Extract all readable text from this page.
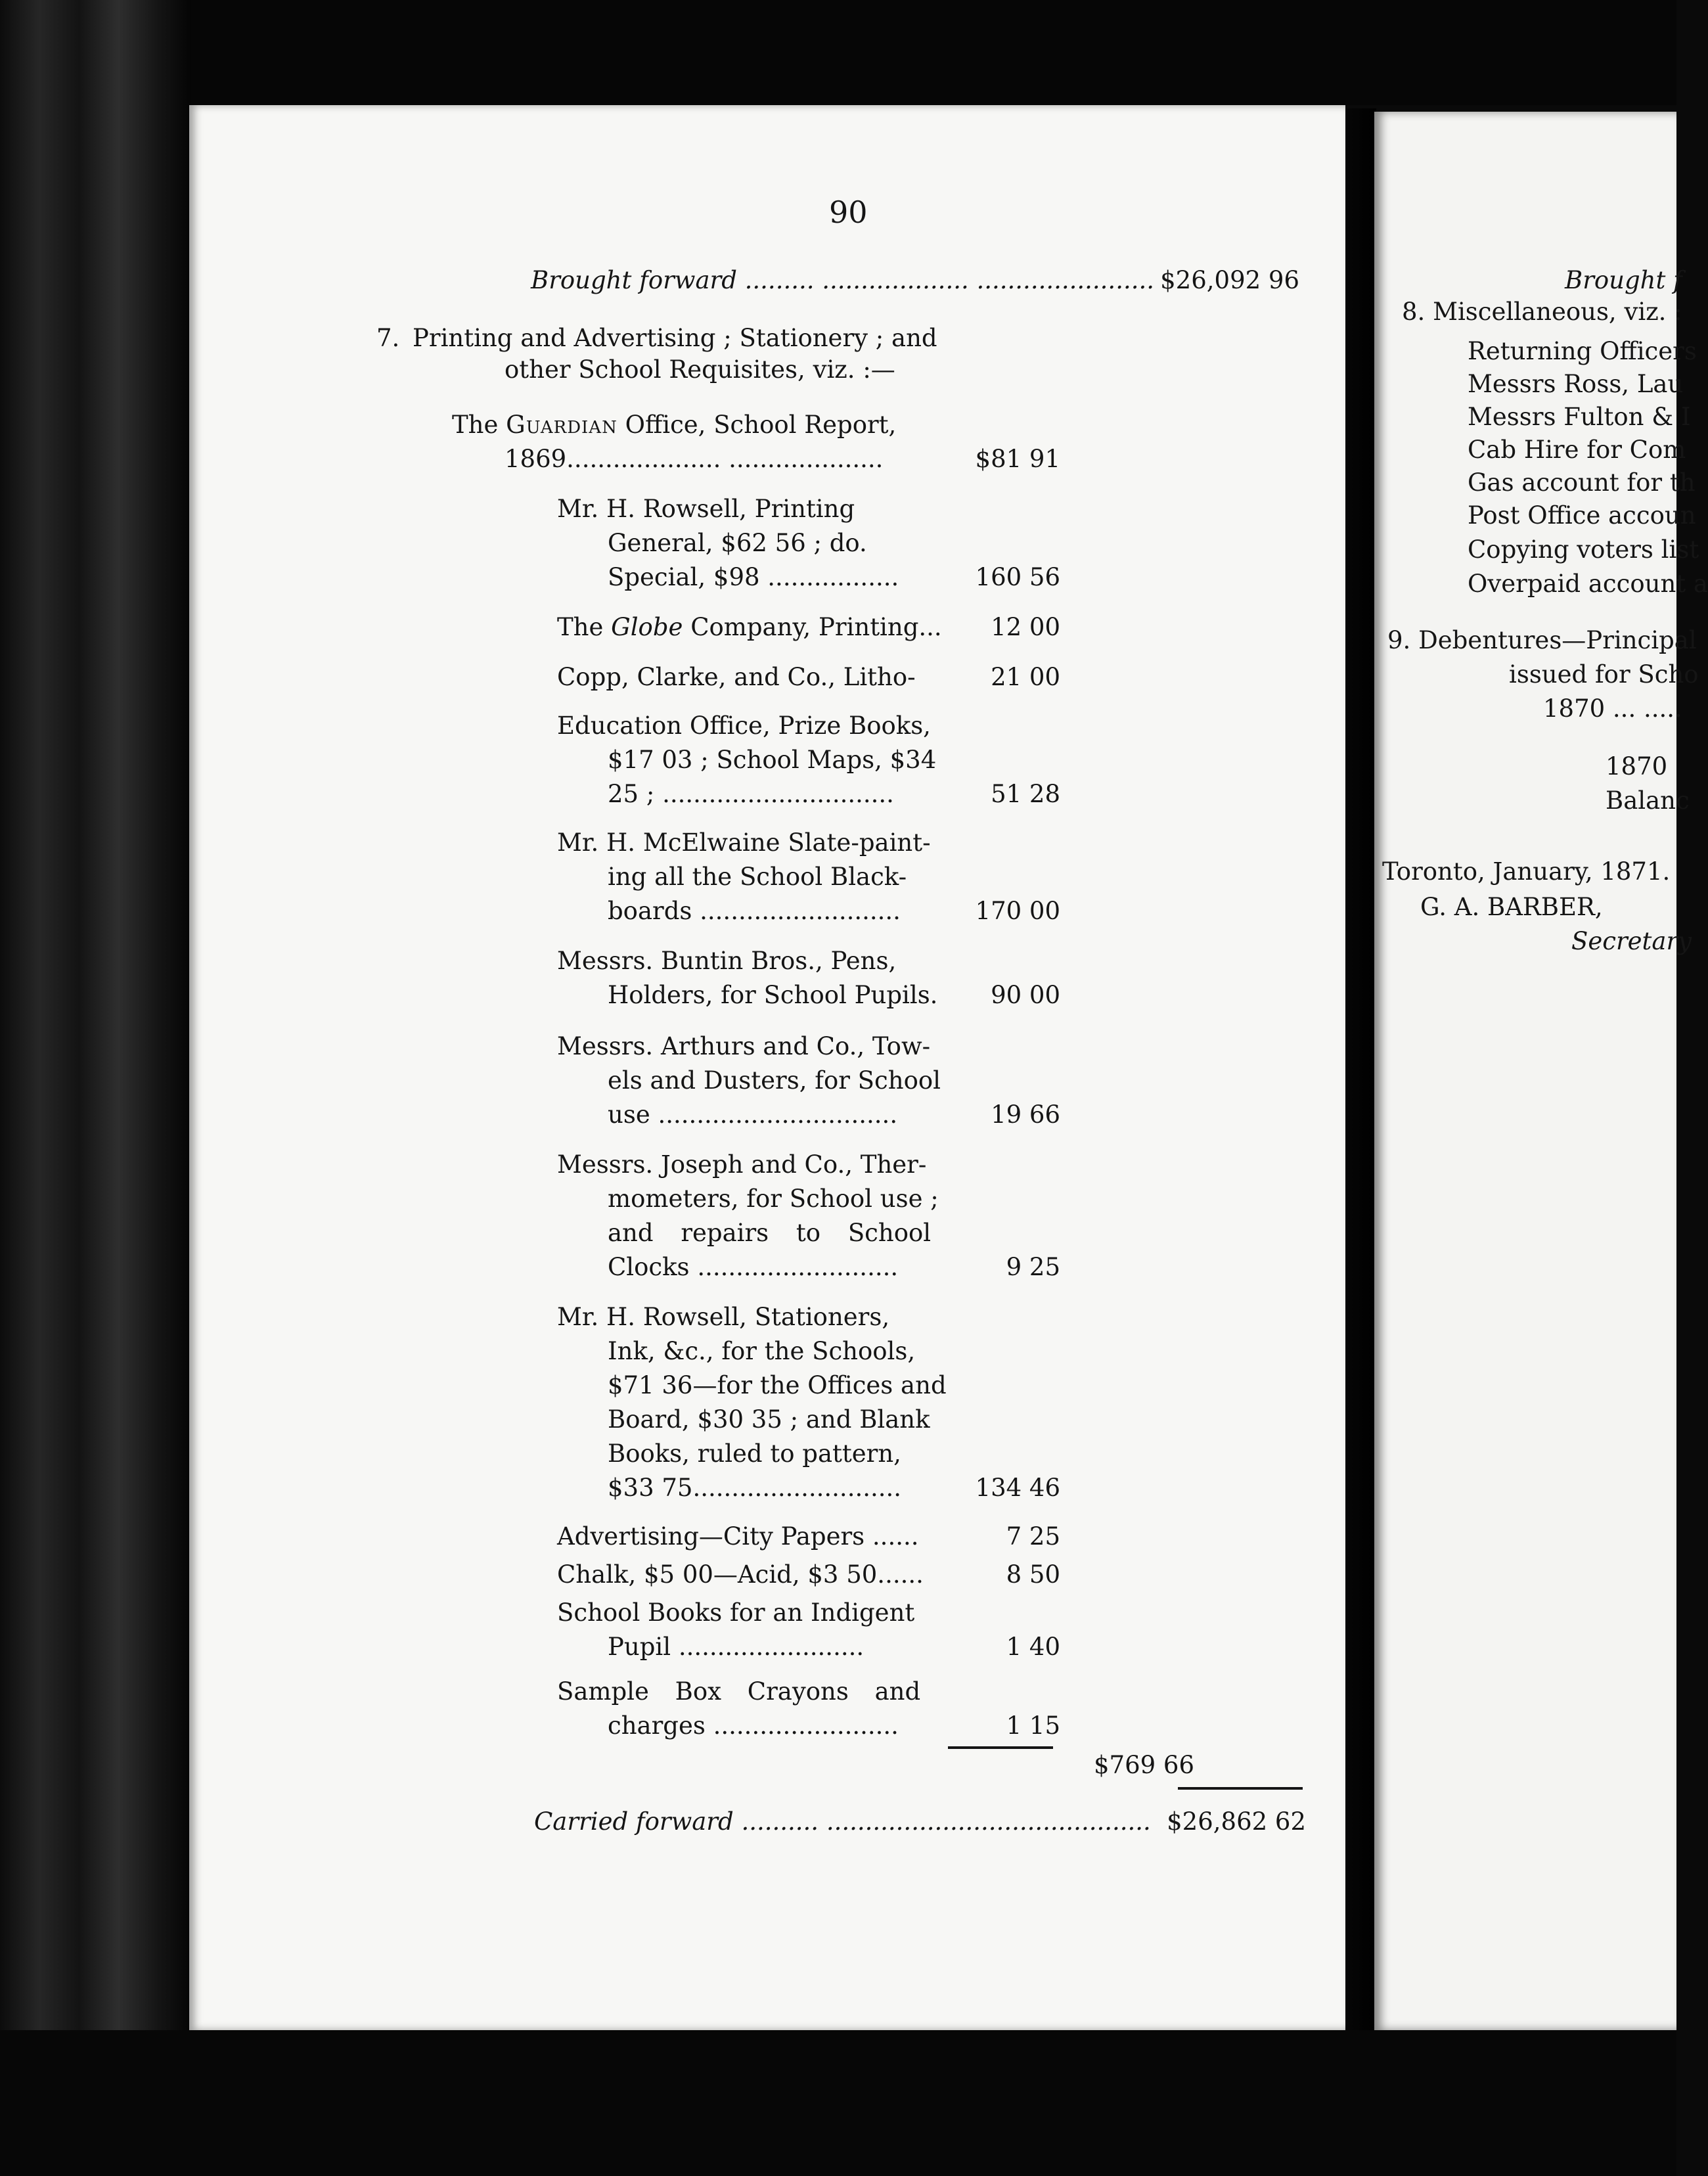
90
Brought forward ......... ................... ....................... $26,092 96
7. Printing and Advertising ; Stationery ; and
other School Requisites, viz. :—
The Guardian Office, School Report,
1869.................... ....................	$81 91
Mr. H. Rowsell, Printing
General, $62 56 ; do.
Special, $98 .................	160 56
The Globe Company, Printing...	12 00
Copp, Clarke, and Co., Litho-	21 00
Education Office, Prize Books,
$17 03 ; School Maps, $34
25 ; ..............................	51 28
Mr. H. McElwaine Slate-paint-
ing all the School Black-
boards ..........................	170 00
Messrs. Buntin Bros., Pens,
Holders, for School Pupils.	90 00
Messrs. Arthurs and Co., Tow-
els and Dusters, for School
use ...............................	19 66
Messrs. Joseph and Co., Ther-
mometers, for School use ;
and repairs to School
Clocks ..........................	9 25
Mr. H. Rowsell, Stationers,
Ink, &c., for the Schools,
$71 36—for the Offices and
Board, $30 35 ; and Blank
Books, ruled to pattern,
$33 75...........................	134 46
Advertising—City Papers ......	7 25
Chalk, $5 00—Acid, $3 50......	8 50
School Books for an Indigent
Pupil ........................	1 40
Sample Box Crayons and
charges ........................	1 15
$769 66
Carried forward .......... .......................................... $26,862 62
Brought f
8. Miscellaneous, viz. :
Returning Officers
Messrs Ross, Lau
Messrs Fulton & I
Cab Hire for Com
Gas account for th
Post Office accoun
Copying voters list
Overpaid account a
9. Debentures—Principal
issued for Scho
1870 ... .....
1870
Balanc
Toronto, January, 1871.
G. A. BARBER,
Secretary
